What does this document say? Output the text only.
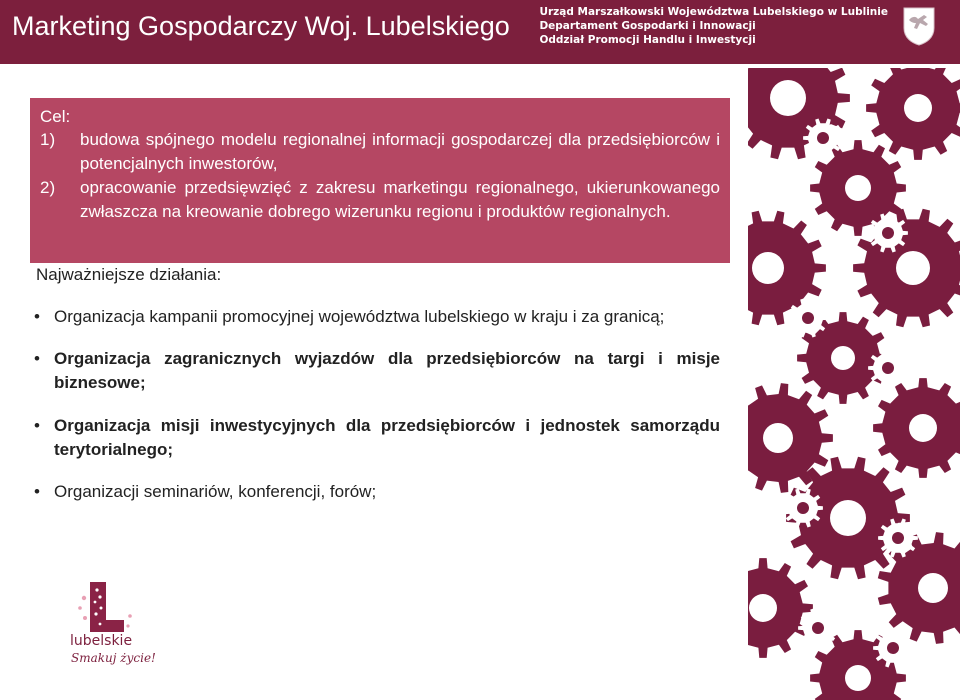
Marketing Gospodarczy Woj. Lubelskiego	Urząd Marszałkowski Województwa Lubelskiego w Lublinie
Departament Gospodarki i Innowacji
Oddział Promocji Handlu i Inwestycji
Cel:
1)	budowa spójnego modelu regionalnej informacji gospodarczej dla przedsiębiorców i potencjalnych inwestorów,
2)	opracowanie przedsięwzięć z zakresu marketingu regionalnego, ukierunkowanego zwłaszcza na kreowanie dobrego wizerunku regionu i produktów regionalnych.
Najważniejsze działania:
• Organizacja kampanii promocyjnej województwa lubelskiego w kraju i za granicą;
• Organizacja zagranicznych wyjazdów dla przedsiębiorców na targi i misje biznesowe;
• Organizacja misji inwestycyjnych dla przedsiębiorców i jednostek samorządu terytorialnego;
• Organizacji seminariów, konferencji, forów;
lubelskie
Smakuj życie!
